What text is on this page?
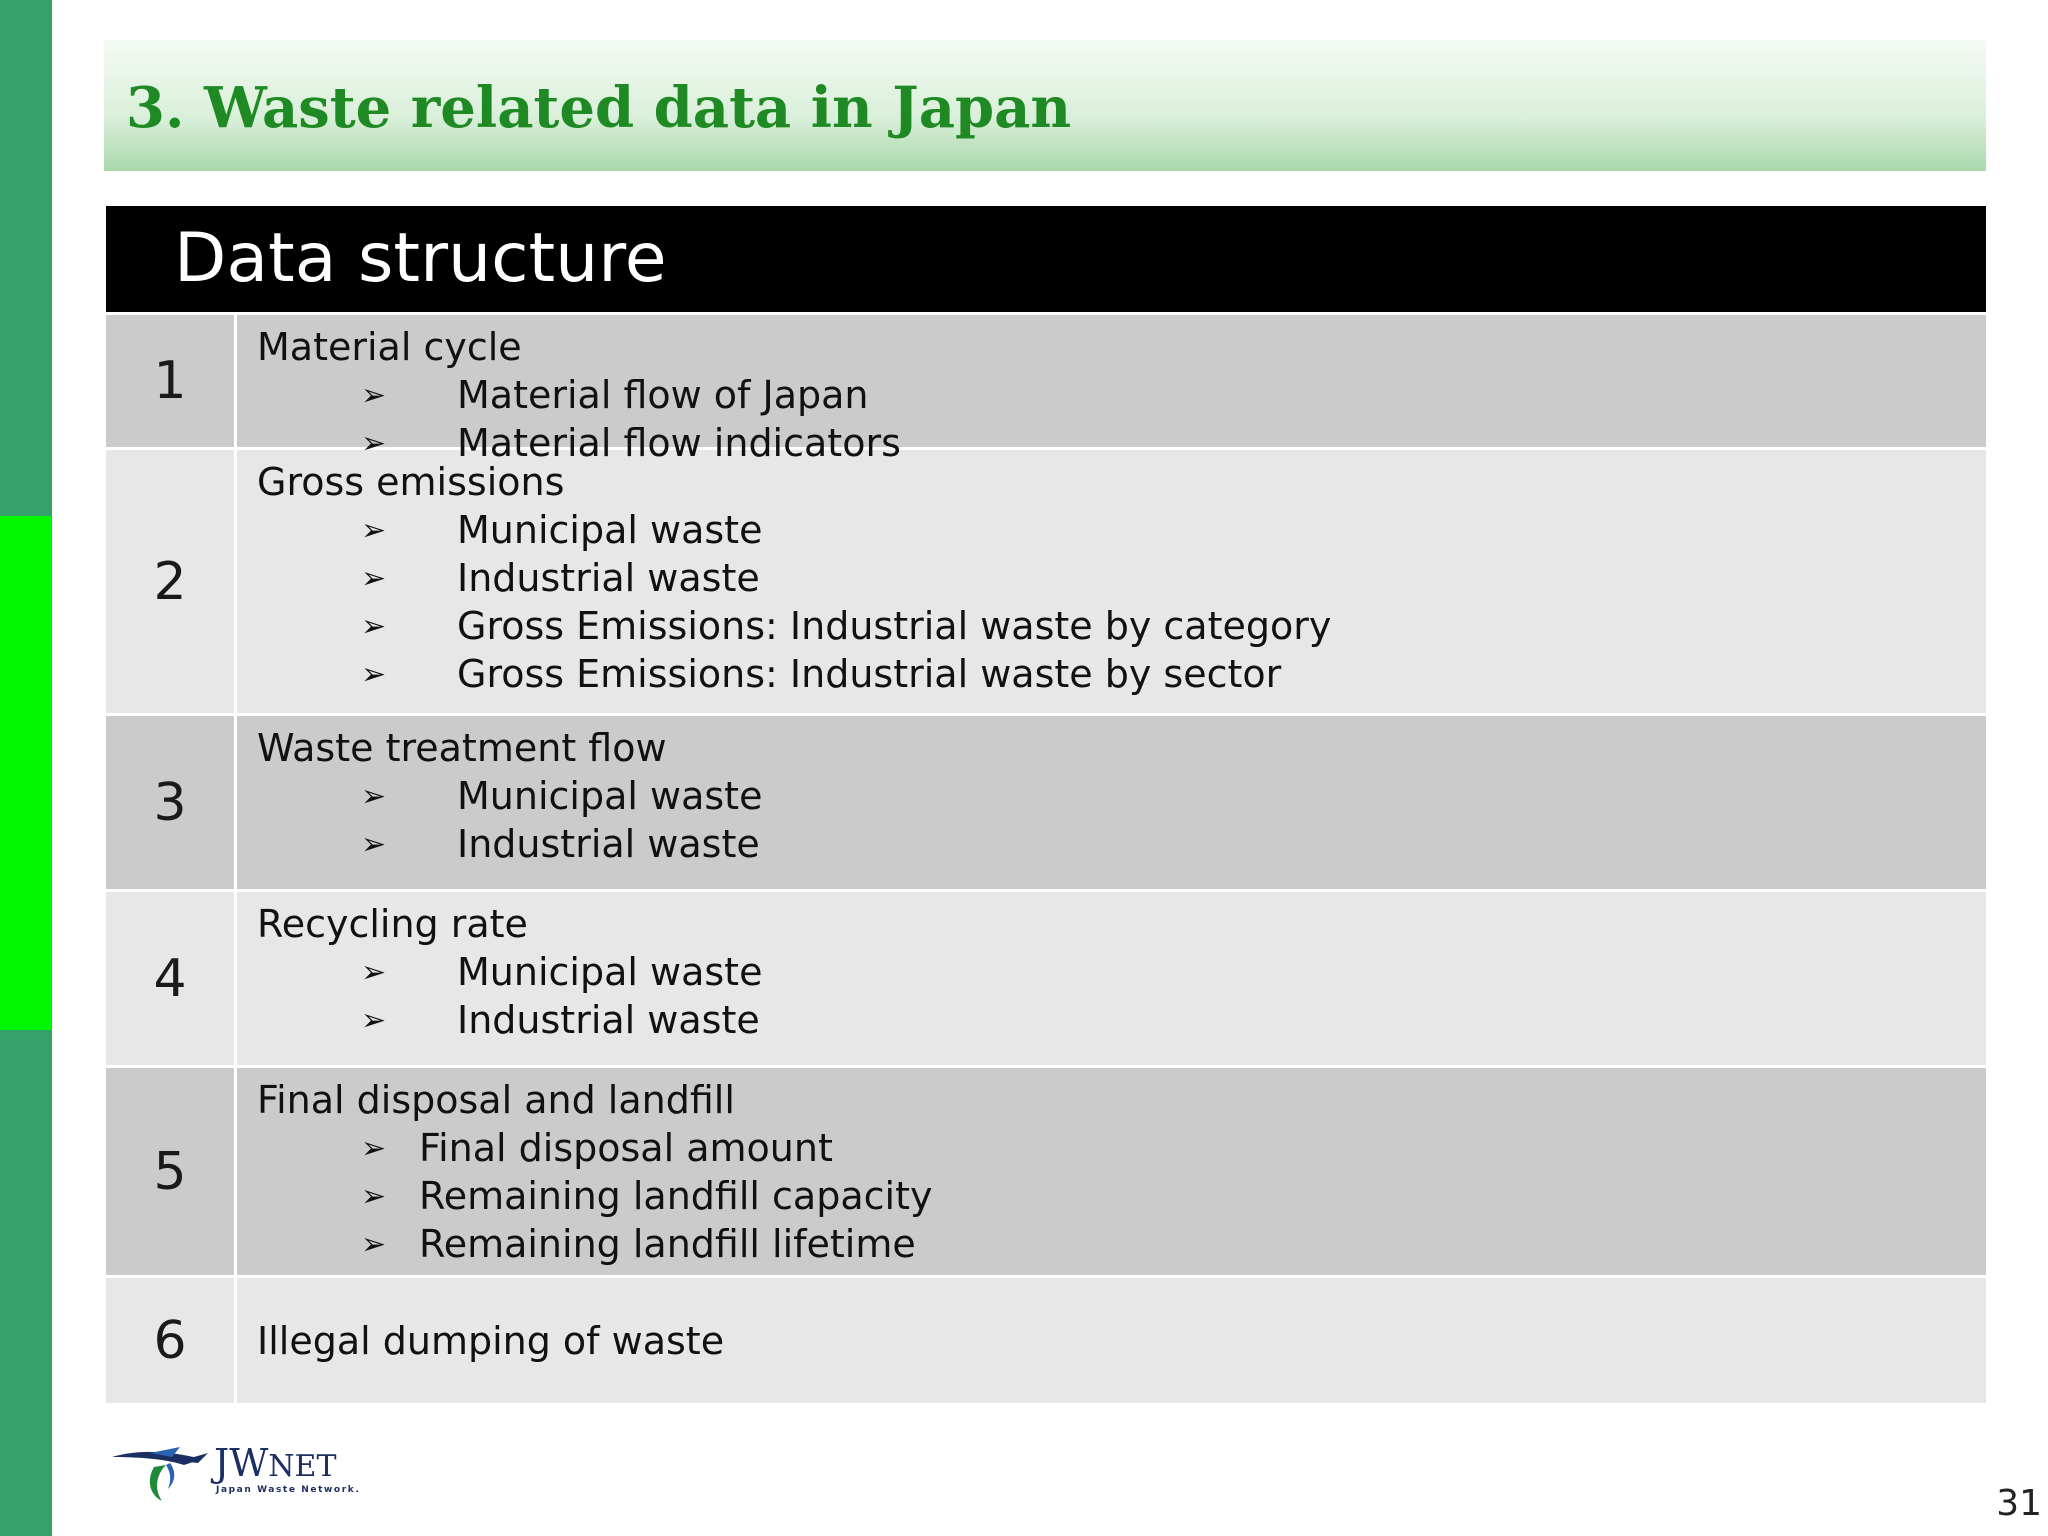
3. Waste related data in Japan
Data structure
1

Material cycle

➢ Material flow of Japan
➢ Material flow indicators
2

Gross emissions

➢ Municipal waste
➢ Industrial waste
➢ Gross Emissions: Industrial waste by category
➢ Gross Emissions: Industrial waste by sector
3

Waste treatment flow

➢ Municipal waste
➢ Industrial waste
4

Recycling rate

➢ Municipal waste
➢ Industrial waste
5

Final disposal and landfill

➢ Final disposal amount
➢ Remaining landfill capacity
➢ Remaining landfill lifetime
6	Illegal dumping of waste

JWNET
Japan Waste Network.	31
